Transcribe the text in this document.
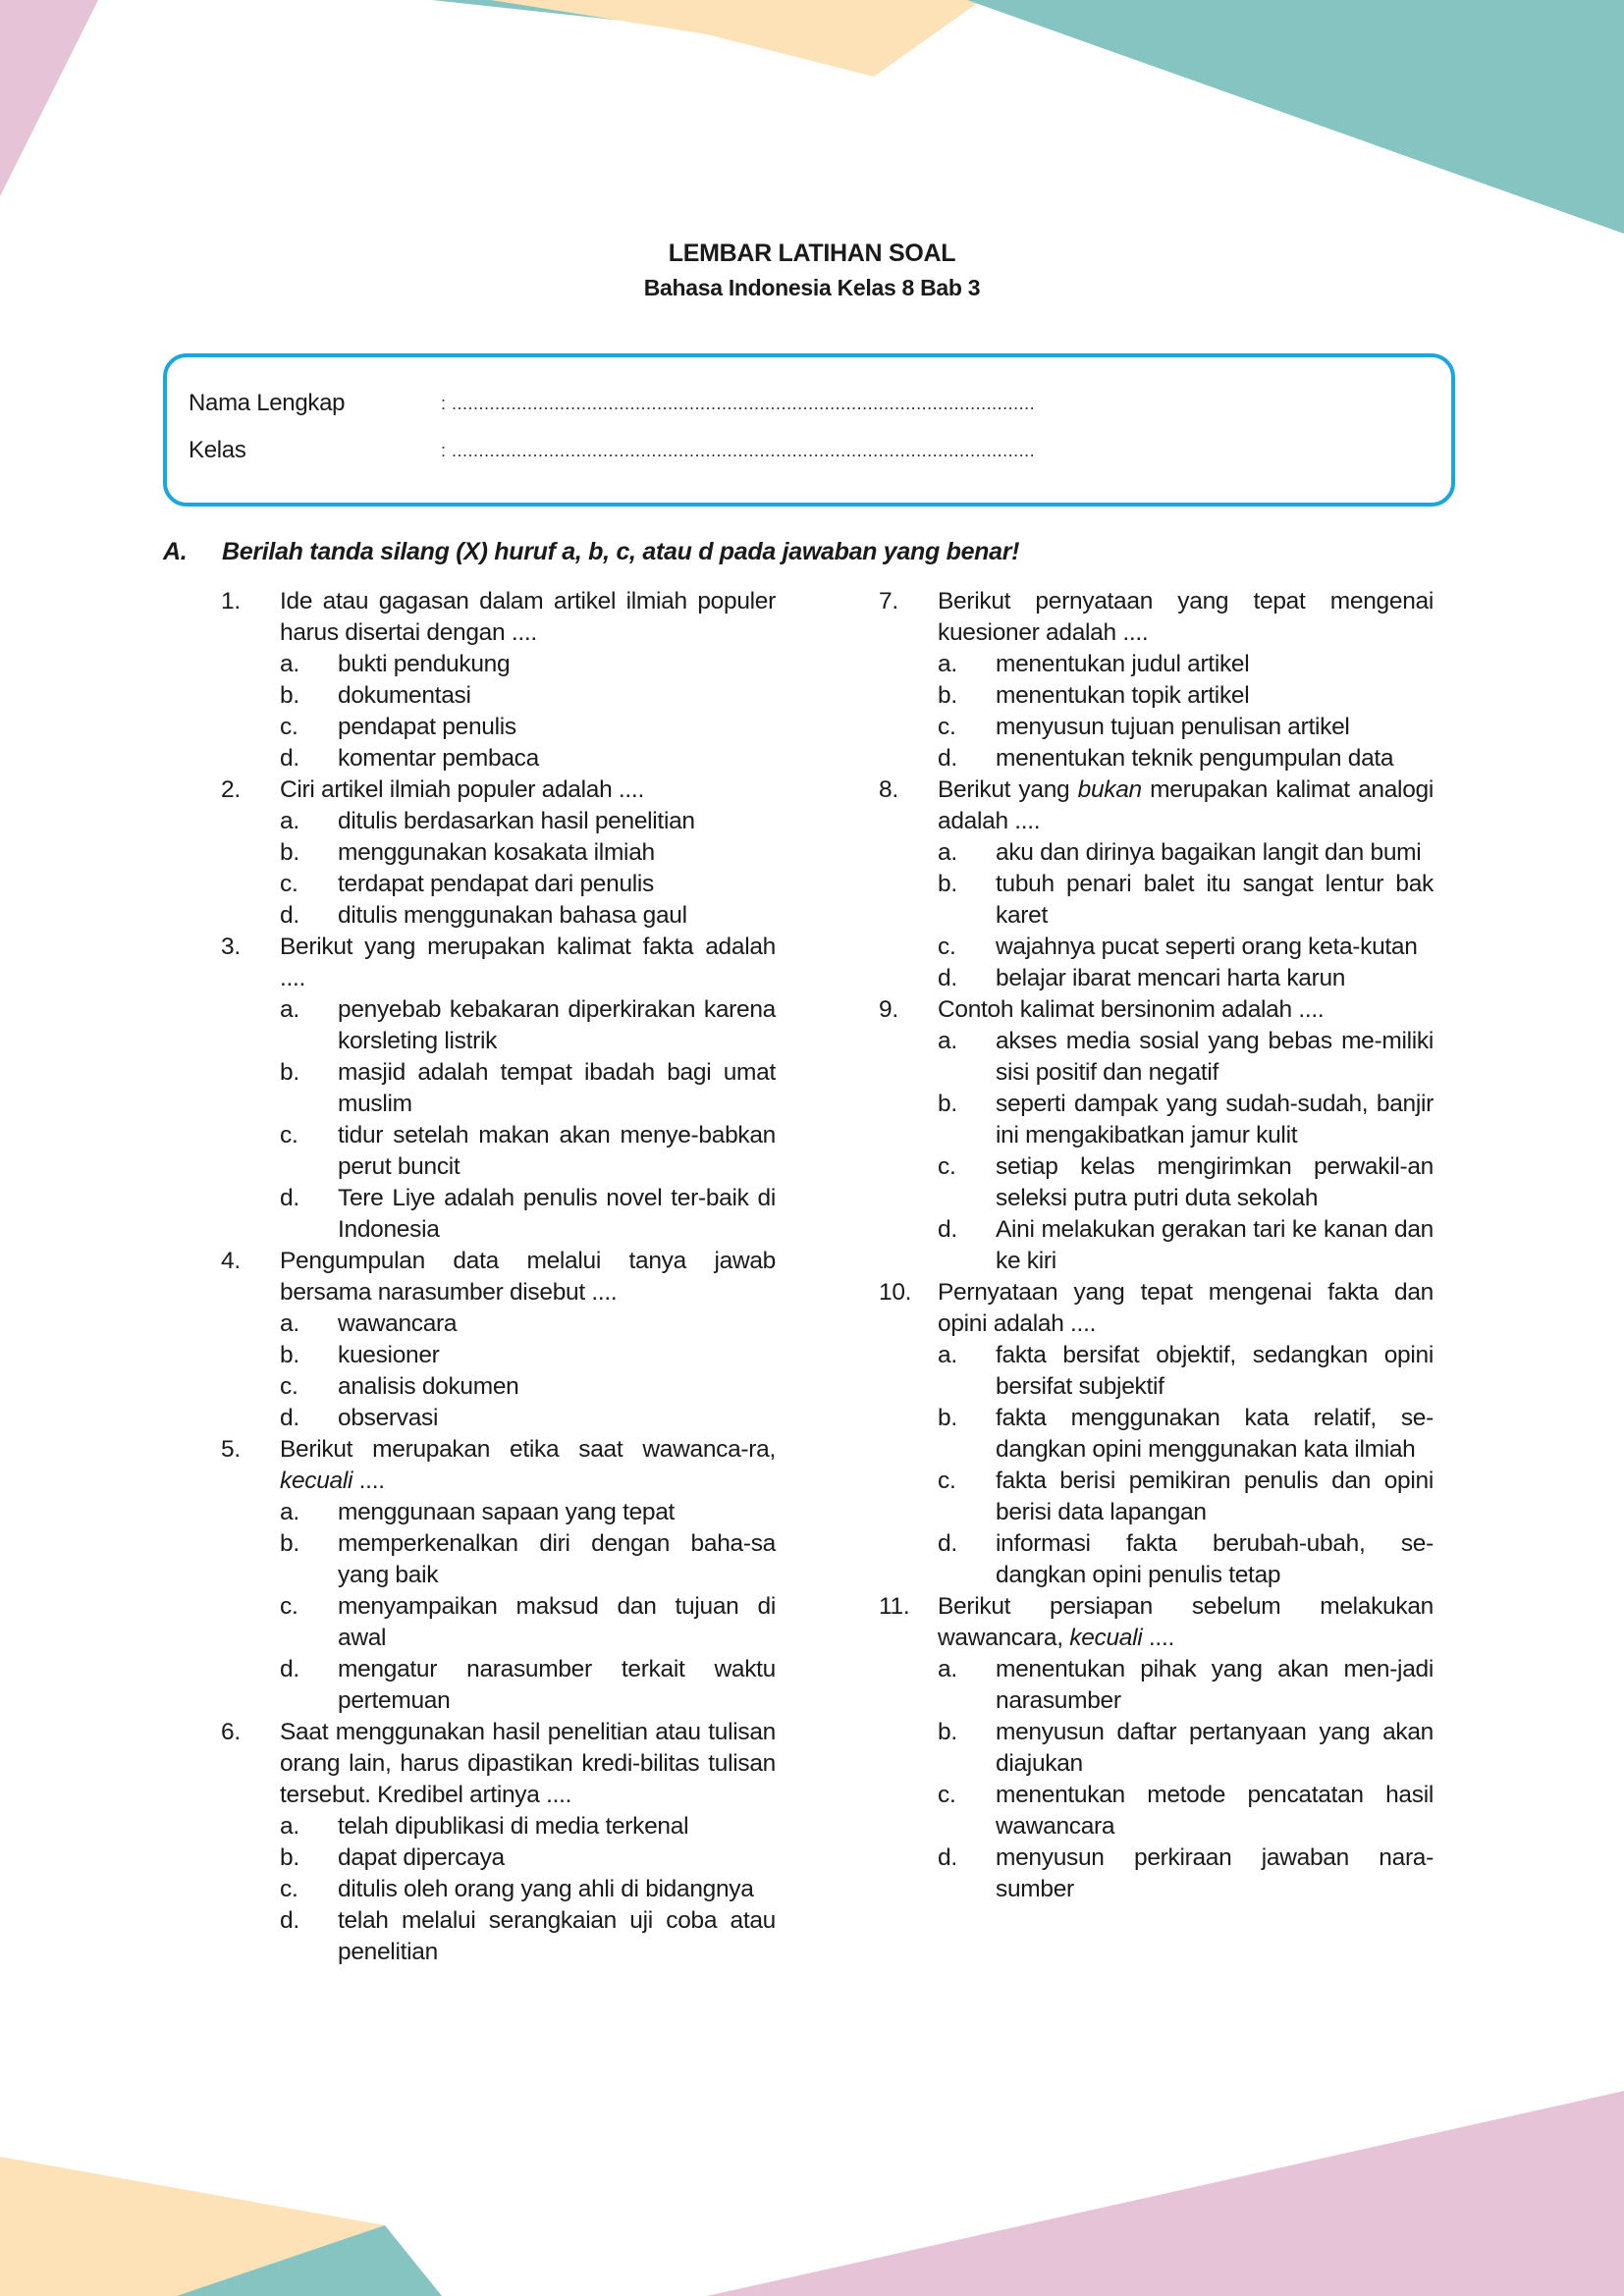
LEMBAR LATIHAN SOAL
Bahasa Indonesia Kelas 8 Bab 3
Nama Lengkap	: ............................................................................................................
Kelas	: ............................................................................................................
A.	Berilah tanda silang (X) huruf a, b, c, atau d pada jawaban yang benar!
1.	Ide atau gagasan dalam artikel ilmiah populer harus disertai dengan ....
a.	bukti pendukung
b.	dokumentasi
c.	pendapat penulis
d.	komentar pembaca
2.	Ciri artikel ilmiah populer adalah ....
a.	ditulis berdasarkan hasil penelitian
b.	menggunakan kosakata ilmiah
c.	terdapat pendapat dari penulis
d.	ditulis menggunakan bahasa gaul
3.	Berikut yang merupakan kalimat fakta adalah ....
a.	penyebab kebakaran diperkirakan karena korsleting listrik
b.	masjid adalah tempat ibadah bagi umat muslim
c.	tidur setelah makan akan menye-babkan perut buncit
d.	Tere Liye adalah penulis novel ter-baik di Indonesia
4.	Pengumpulan data melalui tanya jawab bersama narasumber disebut ....
a.	wawancara
b.	kuesioner
c.	analisis dokumen
d.	observasi
5.	Berikut merupakan etika saat wawanca-ra, kecuali ....
a.	menggunaan sapaan yang tepat
b.	memperkenalkan diri dengan baha-sa yang baik
c.	menyampaikan maksud dan tujuan di awal
d.	mengatur narasumber terkait waktu pertemuan
6.	Saat menggunakan hasil penelitian atau tulisan orang lain, harus dipastikan kredi-bilitas tulisan tersebut. Kredibel artinya ....
a.	telah dipublikasi di media terkenal
b.	dapat dipercaya
c.	ditulis oleh orang yang ahli di bidangnya
d.	telah melalui serangkaian uji coba atau penelitian
7.	Berikut pernyataan yang tepat mengenai kuesioner adalah ....
a.	menentukan judul artikel
b.	menentukan topik artikel
c.	menyusun tujuan penulisan artikel
d.	menentukan teknik pengumpulan data
8.	Berikut yang bukan merupakan kalimat analogi adalah ....
a.	aku dan dirinya bagaikan langit dan bumi
b.	tubuh penari balet itu sangat lentur bak karet
c.	wajahnya pucat seperti orang keta-kutan
d.	belajar ibarat mencari harta karun
9.	Contoh kalimat bersinonim adalah ....
a.	akses media sosial yang bebas me-miliki sisi positif dan negatif
b.	seperti dampak yang sudah-sudah, banjir ini mengakibatkan jamur kulit
c.	setiap kelas mengirimkan perwakil-an seleksi putra putri duta sekolah
d.	Aini melakukan gerakan tari ke kanan dan ke kiri
10.	Pernyataan yang tepat mengenai fakta dan opini adalah ....
a.	fakta bersifat objektif, sedangkan opini bersifat subjektif
b.	fakta menggunakan kata relatif, se-dangkan opini menggunakan kata ilmiah
c.	fakta berisi pemikiran penulis dan opini berisi data lapangan
d.	informasi fakta berubah-ubah, se-dangkan opini penulis tetap
11.	Berikut persiapan sebelum melakukan wawancara, kecuali ....
a.	menentukan pihak yang akan men-jadi narasumber
b.	menyusun daftar pertanyaan yang akan diajukan
c.	menentukan metode pencatatan hasil wawancara
d.	menyusun perkiraan jawaban nara-sumber
